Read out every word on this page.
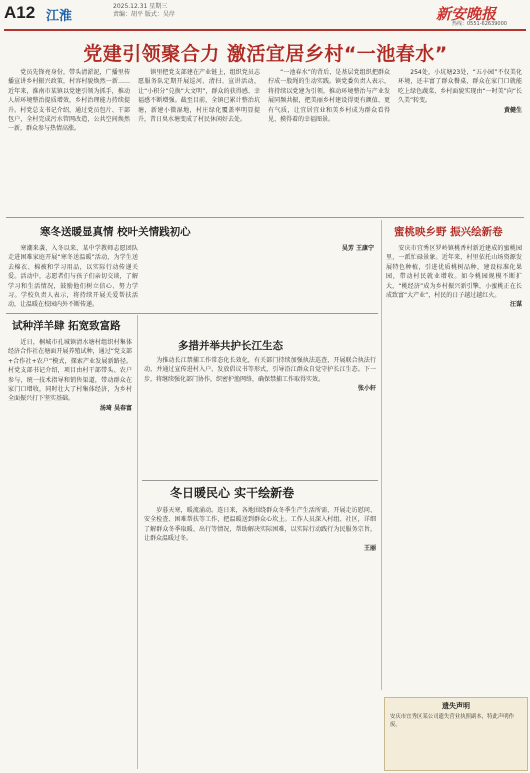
A12 江淮
2025.12.31 星期三
责编：胡平 版式：吴岸	新安晚报
热线：0551-62639000
党建引领聚合力 激活宜居乡村“一池春水”
　　党员先锋亮身份，带头清淤泥，广播里传播宣讲乡村振兴政策，村容村貌焕然一新……近年来，淮南市某镇以党建引领为抓手，推动人居环境整治提质增效，乡村治理能力持续提升。村党总支书记介绍，通过党员包片、干部包户，全村完成污水管网改造，公共空间焕然一新，群众参与热情高涨。
　　镇里把党支部建在产业链上，组织党员志愿服务队定期开展巡河、清扫、宣讲活动，让“小积分”兑换“大文明”，群众的获得感、幸福感不断增强。截至目前，全镇已累计整治坑塘，新建小微湿地，村庄绿化覆盖率明显提升，昔日臭水塘变成了村民休闲好去处。
　　“一池春水”的背后，是基层党组织把群众拧成一股绳的生动实践。镇党委负责人表示，将持续以党建为引领，推动环境整治与产业发展同频共振，把美丽乡村建设得更有颜值、更有气质，让宜居宜业和美乡村成为群众看得见、摸得着的幸福图景。
　　254处，小坑塘23处，“五小园”不仅美化环境，还丰富了群众餐桌，群众在家门口就能吃上绿色蔬菜，乡村面貌实现由“一时美”向“长久美”转变。
黄健生
寒冬送暖显真情 校叶关情践初心
　　寒潮来袭，入冬以来，某中学教师志愿团队走进困难家庭开展“寒冬送温暖”活动，为学生送去棉衣、棉被和学习用品，以实际行动传递关爱。活动中，志愿者们与孩子们亲切交谈，了解学习和生活情况，鼓励他们树立信心、努力学习。学校负责人表示，将持续开展关爱帮扶活动，让温暖在校园内外不断传递。
吴芳 王康宁
蜜桃映乡野 振兴绘新卷
　　安庆市宜秀区罗岭镇桃香村新近建成的蜜桃园里，一派忙碌景象。近年来，村里依托山场资源发展特色种植，引进优质桃树品种，建设标准化果园，带动村民就业增收。如今桃园规模不断扩大，“桃经济”成为乡村振兴新引擎，小蜜桃正在长成致富“大产业”，村民的日子越过越红火。
汪谋
试种洋羊肆 拓宽致富路
　　近日，桐城市孔城镇清水塘村组织村集体经济合作社在塘面开展养殖试种，通过“党支部+合作社+农户”模式，探索产业发展新路径。村党支部书记介绍，项目由村干部带头、农户参与，统一技术指导和销售渠道，带动群众在家门口增收，同时壮大了村集体经济，为乡村全面振兴打下坚实基础。
汤琦 吴春富
多措并举共护长江生态
　　为推动长江禁捕工作常态化长效化，有关部门持续加强执法巡查，开展联合执法行动，并通过宣传进村入户、发放倡议书等形式，引导沿江群众自觉守护长江生态。下一步，将继续强化部门协作，织密护渔网络，确保禁捕工作取得实效。
张小轩
冬日暖民心 实干绘新卷
　　岁暮天寒，暖流涌动。连日来，各地围绕群众冬季生产生活所需，开展走访慰问、安全检查、困难帮扶等工作，把温暖送到群众心坎上。工作人员深入村组、社区，详细了解群众冬季取暖、出行等情况，帮助解决实际困难，以实际行动践行为民服务宗旨，让群众温暖过冬。
王丽
遗失声明
安庆市宜秀区某公司遗失营业执照副本，特此声明作废。
